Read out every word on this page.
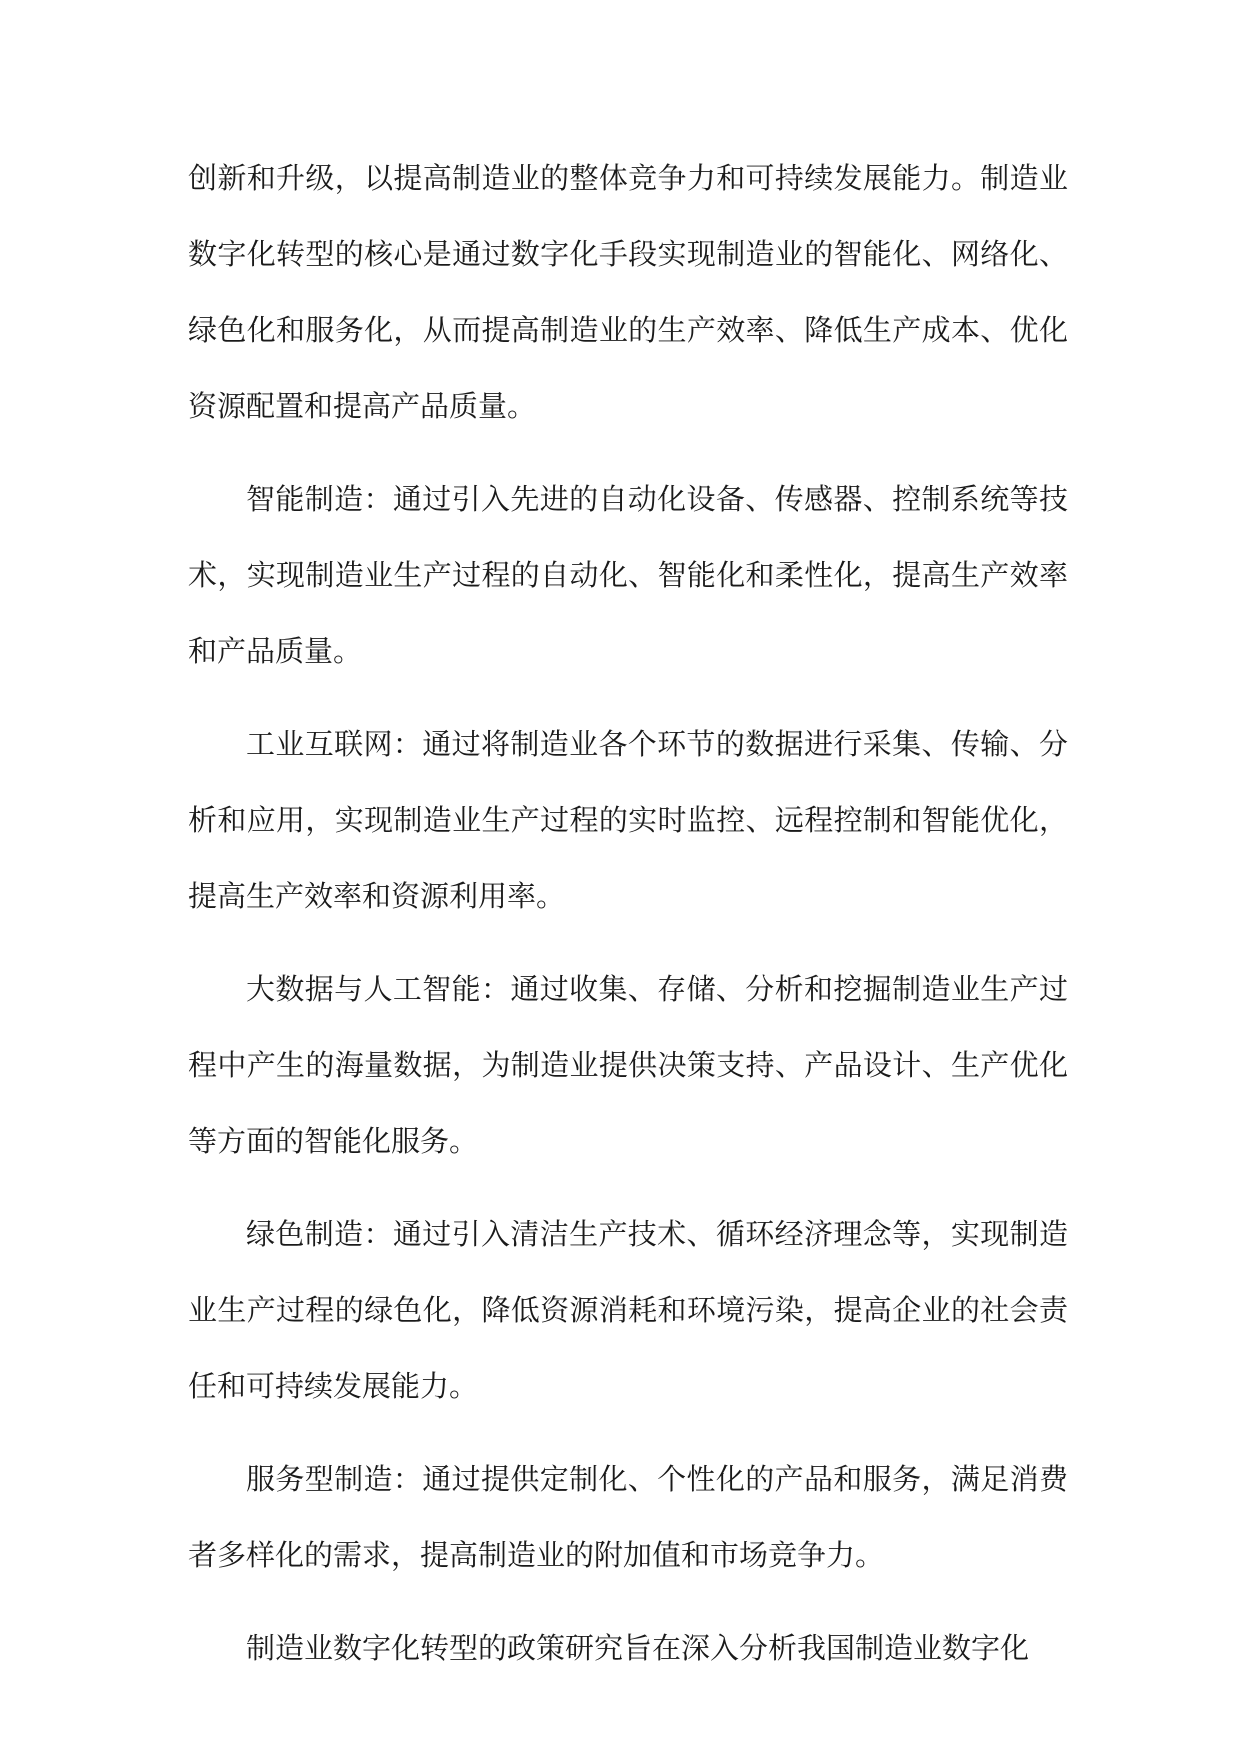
创新和升级，以提高制造业的整体竞争力和可持续发展能力。制造业数字化转型的核心是通过数字化手段实现制造业的智能化、网络化、绿色化和服务化，从而提高制造业的生产效率、降低生产成本、优化资源配置和提高产品质量。

智能制造：通过引入先进的自动化设备、传感器、控制系统等技术，实现制造业生产过程的自动化、智能化和柔性化，提高生产效率和产品质量。

工业互联网：通过将制造业各个环节的数据进行采集、传输、分析和应用，实现制造业生产过程的实时监控、远程控制和智能优化，提高生产效率和资源利用率。

大数据与人工智能：通过收集、存储、分析和挖掘制造业生产过程中产生的海量数据，为制造业提供决策支持、产品设计、生产优化等方面的智能化服务。

绿色制造：通过引入清洁生产技术、循环经济理念等，实现制造业生产过程的绿色化，降低资源消耗和环境污染，提高企业的社会责任和可持续发展能力。

服务型制造：通过提供定制化、个性化的产品和服务，满足消费者多样化的需求，提高制造业的附加值和市场竞争力。

制造业数字化转型的政策研究旨在深入分析我国制造业数字化
